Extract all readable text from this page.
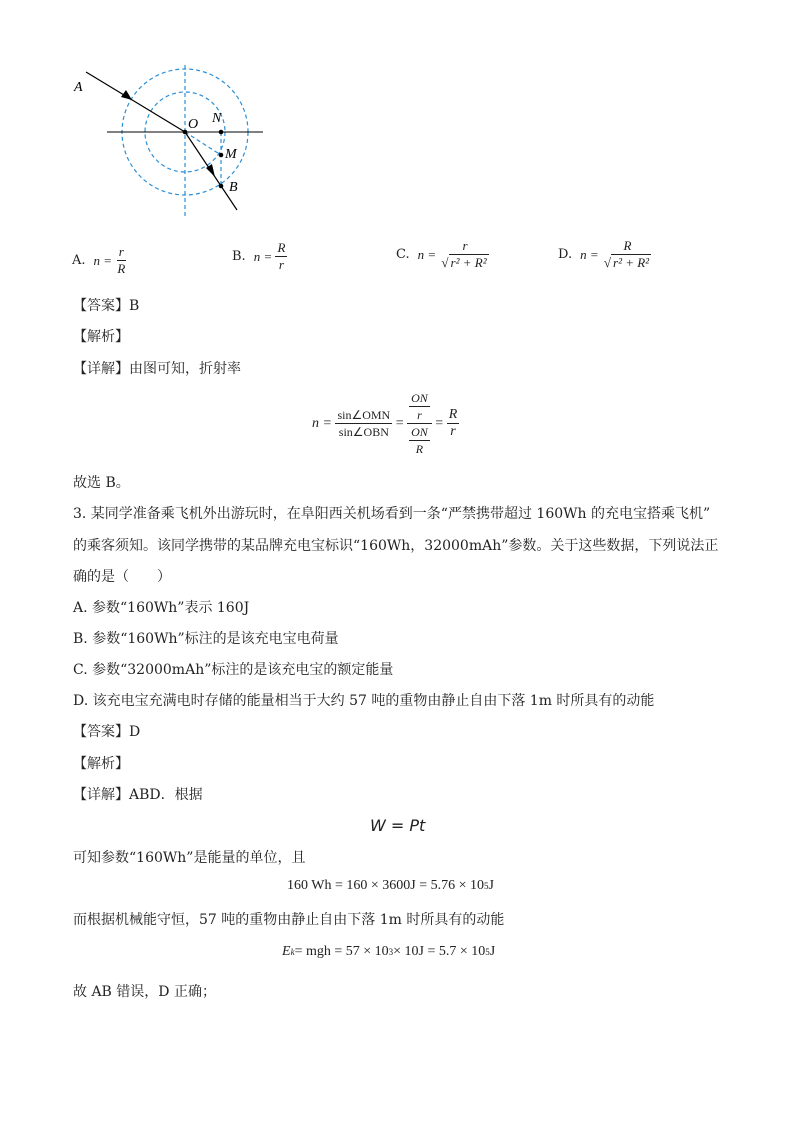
A
O N
M
B
A. n =
$\frac{r}{R}$	B. n =
$\frac{R}{r}$	C. n =
$\frac{r}{\text{√ r² + R²}}$	D. n =
$\frac{R}{\text{√ r² + R²}}$
【答案】B
【解析】
【详解】由图可知，折射率
n =
$\frac{\text{sin∠OMN}}{\text{sin∠OBN}}$
=
$\frac{\frac{ON}{r}}{\frac{ON}{R}}$
=
$\frac{R}{r}$
故选 B。
3. 某同学准备乘飞机外出游玩时，在阜阳西关机场看到一条“严禁携带超过 160Wh 的充电宝搭乘飞机”
的乘客须知。该同学携带的某品牌充电宝标识“160Wh，32000mAh”参数。关于这些数据，下列说法正
确的是（　　）
A. 参数“160Wh”表示 160J
B. 参数“160Wh”标注的是该充电宝电荷量
C. 参数“32000mAh”标注的是该充电宝的额定能量
D. 该充电宝充满电时存储的能量相当于大约 57 吨的重物由静止自由下落 1m 时所具有的动能
【答案】D
【解析】
【详解】ABD．根据
W = Pt
可知参数“160Wh”是能量的单位，且
160 Wh = 160 × 3600J = 5.76 × 10 5 J
而根据机械能守恒，57 吨的重物由静止自由下落 1m 时所具有的动能
E k = mgh = 57 × 10 3 × 10J = 5.7 × 10 5 J
故 AB 错误，D 正确；
